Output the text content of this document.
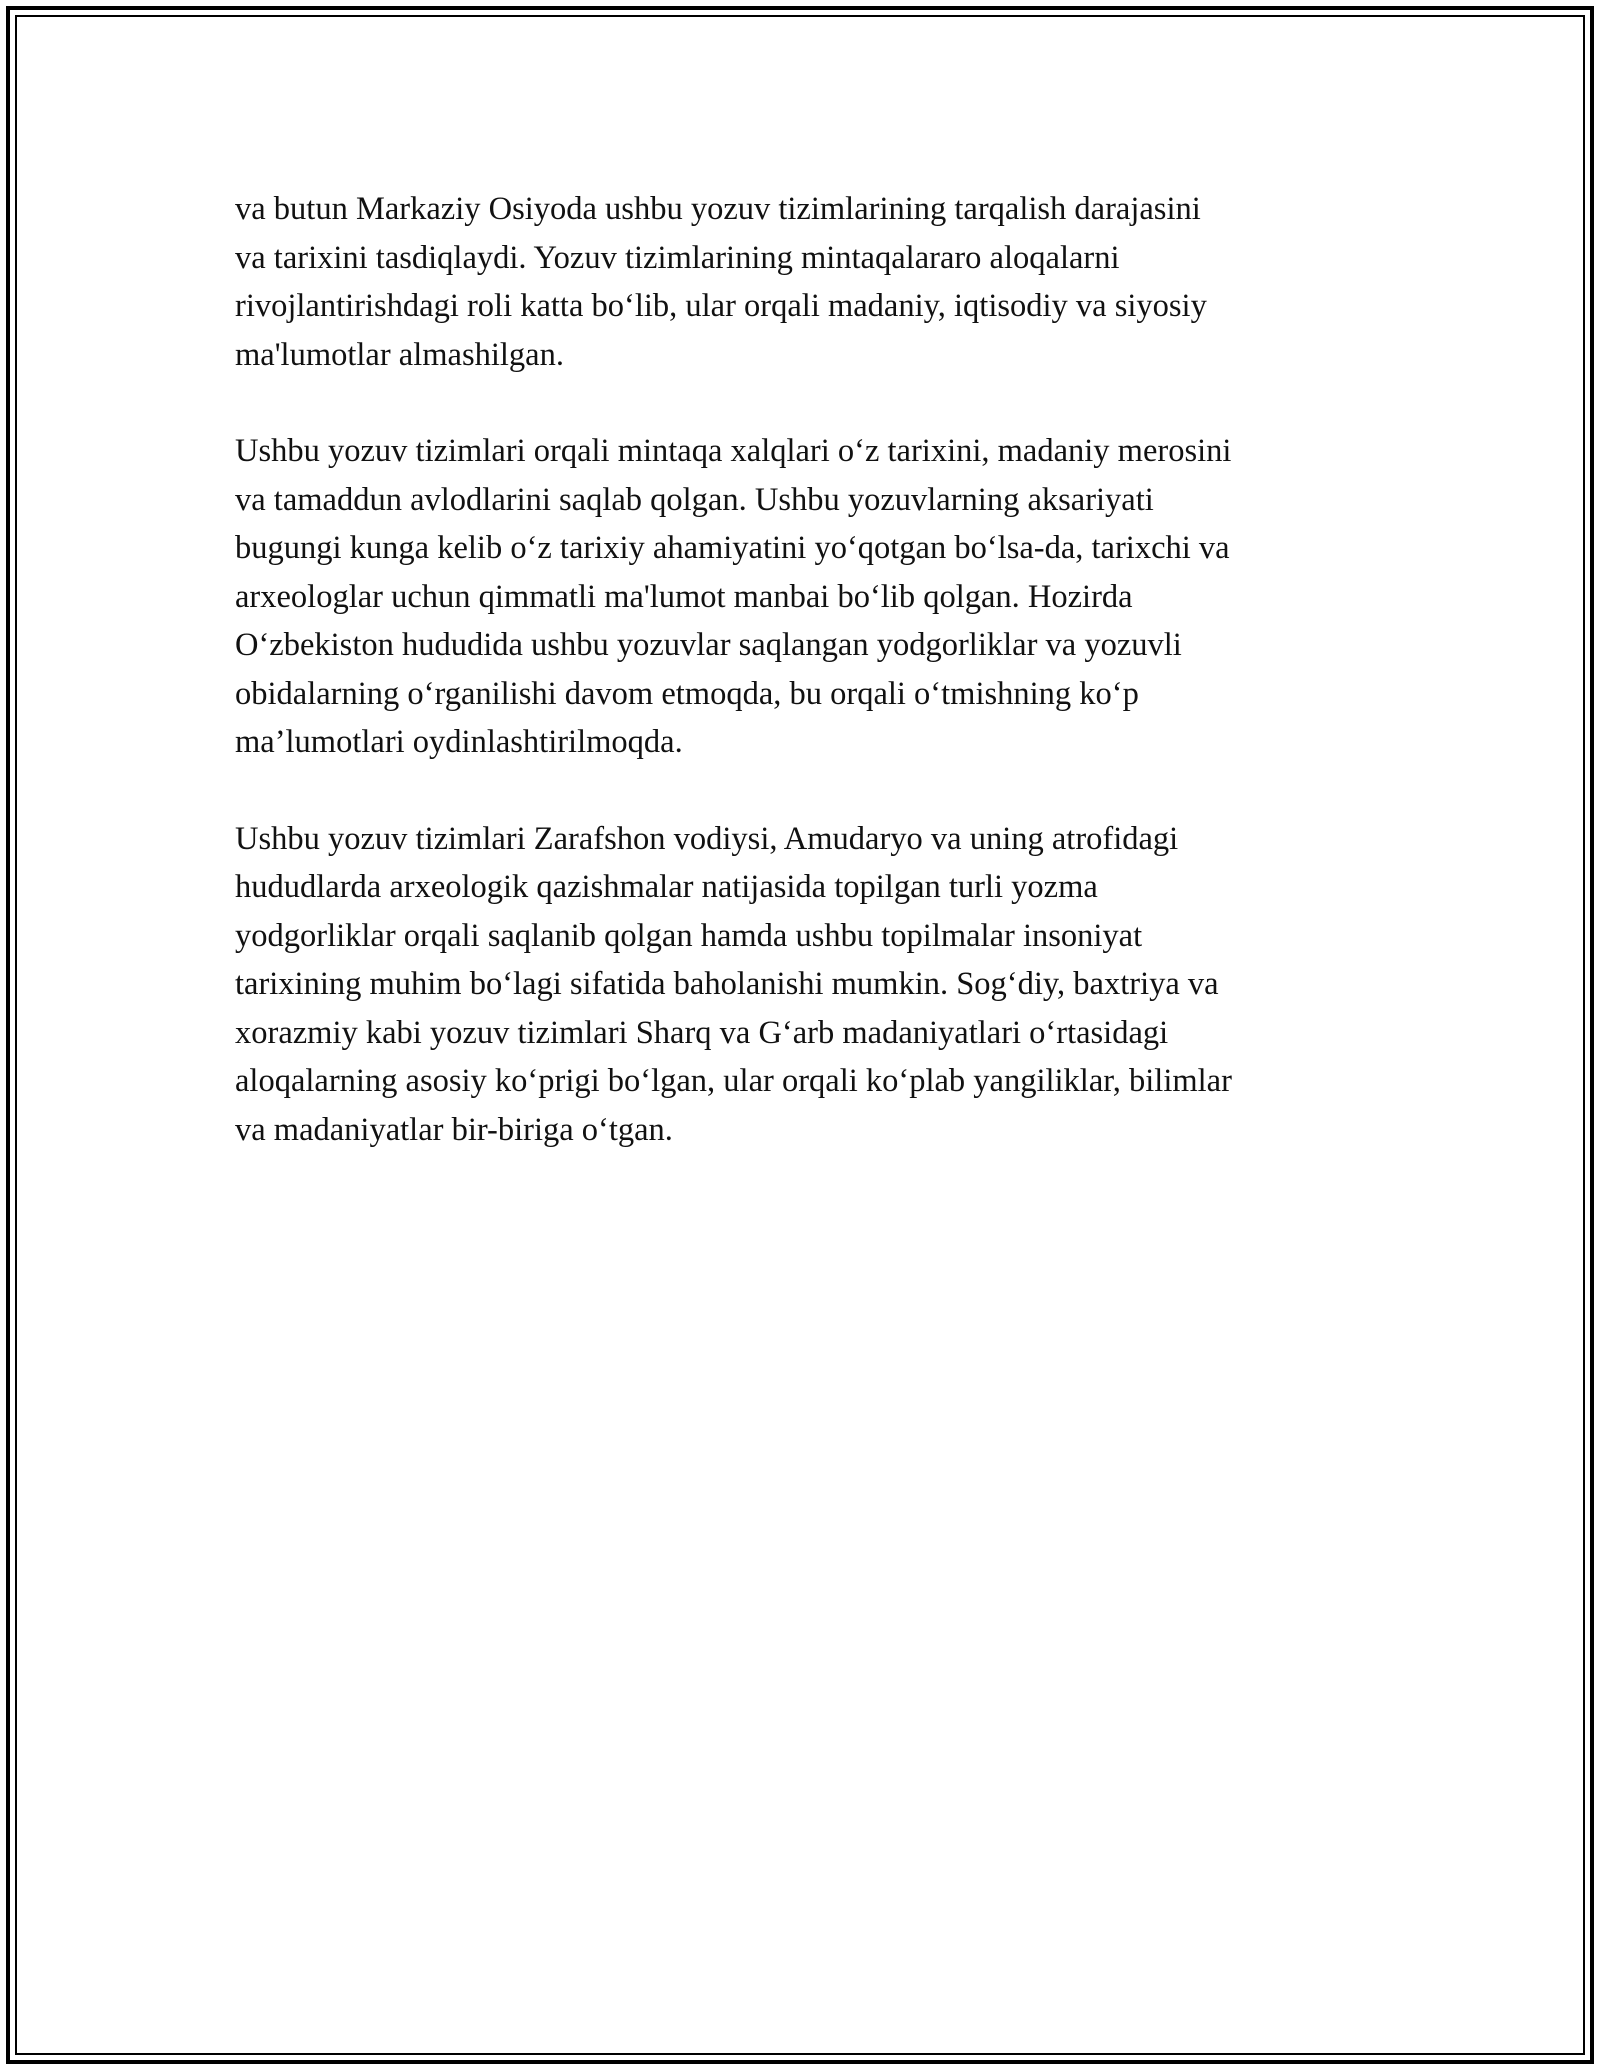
va butun Markaziy Osiyoda ushbu yozuv tizimlarining tarqalish darajasini
va tarixini tasdiqlaydi. Yozuv tizimlarining mintaqalararo aloqalarni
rivojlantirishdagi roli katta bo‘lib, ular orqali madaniy, iqtisodiy va siyosiy
ma'lumotlar almashilgan.

Ushbu yozuv tizimlari orqali mintaqa xalqlari o‘z tarixini, madaniy merosini
va tamaddun avlodlarini saqlab qolgan. Ushbu yozuvlarning aksariyati
bugungi kunga kelib o‘z tarixiy ahamiyatini yo‘qotgan bo‘lsa-da, tarixchi va
arxeologlar uchun qimmatli ma'lumot manbai bo‘lib qolgan. Hozirda
O‘zbekiston hududida ushbu yozuvlar saqlangan yodgorliklar va yozuvli
obidalarning o‘rganilishi davom etmoqda, bu orqali o‘tmishning ko‘p
ma’lumotlari oydinlashtirilmoqda.

Ushbu yozuv tizimlari Zarafshon vodiysi, Amudaryo va uning atrofidagi
hududlarda arxeologik qazishmalar natijasida topilgan turli yozma
yodgorliklar orqali saqlanib qolgan hamda ushbu topilmalar insoniyat
tarixining muhim bo‘lagi sifatida baholanishi mumkin. Sog‘diy, baxtriya va
xorazmiy kabi yozuv tizimlari Sharq va G‘arb madaniyatlari o‘rtasidagi
aloqalarning asosiy ko‘prigi bo‘lgan, ular orqali ko‘plab yangiliklar, bilimlar
va madaniyatlar bir-biriga o‘tgan.
